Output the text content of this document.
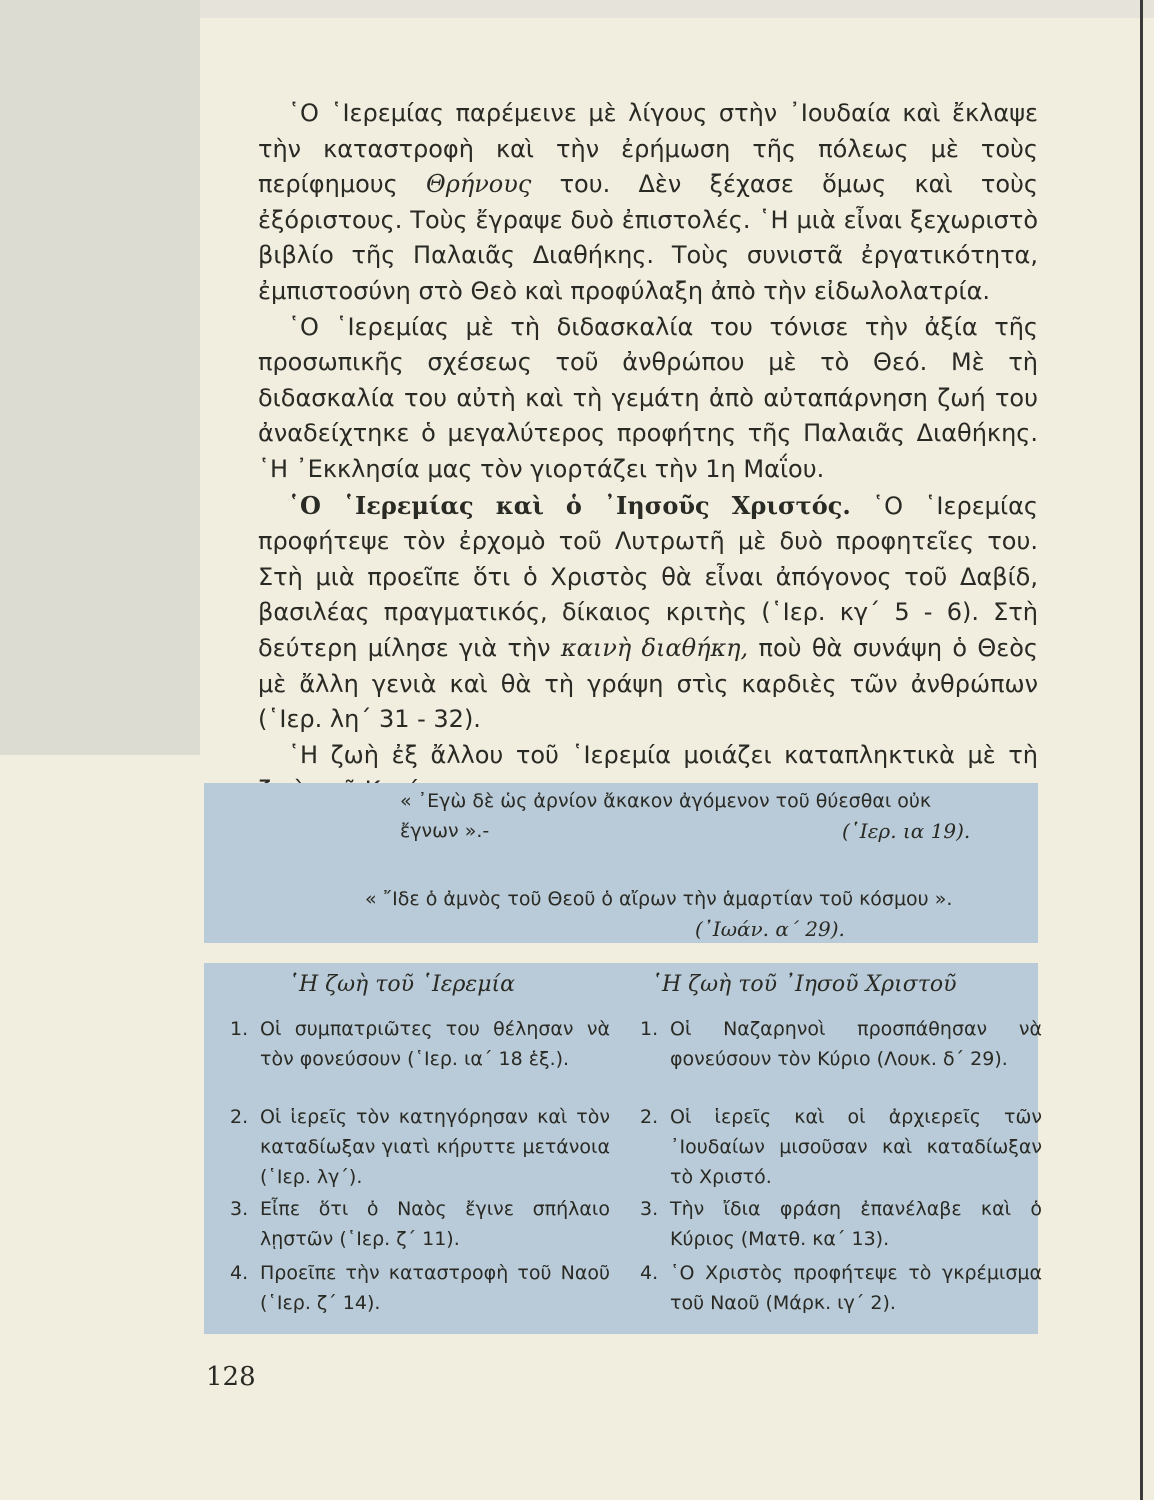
῾Ο ῾Ιερεμίας παρέμεινε μὲ λίγους στὴν ᾿Ιουδαία καὶ ἔκλαψε τὴν καταστροφὴ καὶ τὴν ἐρήμωση τῆς πόλεως μὲ τοὺς περίφημους Θρήνους του. Δὲν ξέχασε ὅμως καὶ τοὺς ἐξόριστους. Τοὺς ἔγραψε δυὸ ἐπιστολές. ῾Η μιὰ εἶναι ξεχωριστὸ βιβλίο τῆς Παλαιᾶς Διαθήκης. Τοὺς συνιστᾶ ἐργατικότητα, ἐμπιστοσύνη στὸ Θεὸ καὶ προφύλαξη ἀπὸ τὴν εἰδωλολατρία.

῾Ο ῾Ιερεμίας μὲ τὴ διδασκαλία του τόνισε τὴν ἀξία τῆς προσωπικῆς σχέσεως τοῦ ἀνθρώπου μὲ τὸ Θεό. Μὲ τὴ διδασκαλία του αὐτὴ καὶ τὴ γεμάτη ἀπὸ αὐταπάρνηση ζωή του ἀναδείχτηκε ὁ μεγαλύτερος προφήτης τῆς Παλαιᾶς Διαθήκης. ῾Η ᾿Εκκλησία μας τὸν γιορτάζει τὴν 1η Μαΐου.

῾Ο ῾Ιερεμίας καὶ ὁ ᾿Ιησοῦς Χριστός. ῾Ο ῾Ιερεμίας προφήτεψε τὸν ἐρχομὸ τοῦ Λυτρωτῆ μὲ δυὸ προφητεῖες του. Στὴ μιὰ προεῖπε ὅτι ὁ Χριστὸς θὰ εἶναι ἀπόγονος τοῦ Δαβίδ, βασιλέας πραγματικός, δίκαιος κριτὴς (῾Ιερ. κγ΄ 5 - 6). Στὴ δεύτερη μίλησε γιὰ τὴν καινὴ διαθήκη, ποὺ θὰ συνάψη ὁ Θεὸς μὲ ἄλλη γενιὰ καὶ θὰ τὴ γράψη στὶς καρδιὲς τῶν ἀνθρώπων (῾Ιερ. λη΄ 31 - 32).

῾Η ζωὴ ἐξ ἄλλου τοῦ ῾Ιερεμία μοιάζει καταπληκτικὰ μὲ τὴ

« ᾿Εγὼ δὲ ὡς ἀρνίον ἄκακον ἀγόμενον τοῦ θύεσθαι οὐκ
ἔγνων ».-	(῾Ιερ. ια 19).
« ῎Ιδε ὁ ἀμνὸς τοῦ Θεοῦ ὁ αἴρων τὴν ἁμαρτίαν τοῦ κόσμου ».
(᾿Ιωάν. α΄ 29).
῾Η ζωὴ τοῦ ῾Ιερεμία	῾Η ζωὴ τοῦ ᾿Ιησοῦ Χριστοῦ
1. Οἱ συμπατριῶτες του θέλησαν νὰ τὸν φονεύσουν (῾Ιερ. ια΄ 18 ἑξ.).
2. Οἱ ἱερεῖς τὸν κατηγόρησαν καὶ τὸν καταδίωξαν γιατὶ κήρυττε μετάνοια (῾Ιερ. λγ΄).
3. Εἶπε ὅτι ὁ Ναὸς ἔγινε σπήλαιο λῃστῶν (῾Ιερ. ζ΄ 11).
4. Προεῖπε τὴν καταστροφὴ τοῦ Ναοῦ (῾Ιερ. ζ΄ 14).
1. Οἱ Ναζαρηνοὶ προσπάθησαν νὰ φονεύσουν τὸν Κύριο (Λουκ. δ΄ 29).
2. Οἱ ἱερεῖς καὶ οἱ ἀρχιερεῖς τῶν ᾿Ιουδαίων μισοῦσαν καὶ καταδίωξαν τὸ Χριστό.
3. Τὴν ἴδια φράση ἐπανέλαβε καὶ ὁ Κύριος (Ματθ. κα΄ 13).
4. ῾Ο Χριστὸς προφήτεψε τὸ γκρέμισμα τοῦ Ναοῦ (Μάρκ. ιγ΄ 2).
128
